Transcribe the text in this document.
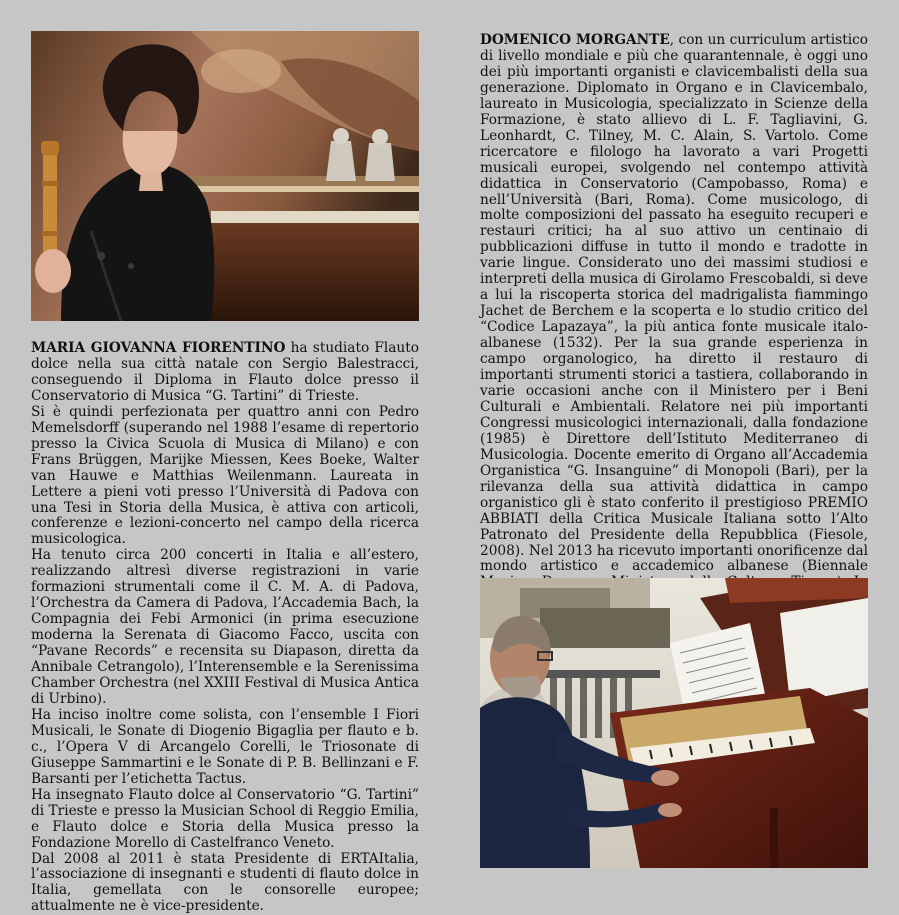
MARIA GIOVANNA FIORENTINO ha studiato Flauto dolce nella sua città natale con Sergio Balestracci, conseguendo il Diploma in Flauto dolce presso il Conservatorio di Musica “G. Tartini” di Trieste.

Si è quindi perfezionata per quattro anni con Pedro Memelsdorff (superando nel 1988 l’esame di repertorio presso la Civica Scuola di Musica di Milano) e con Frans Brüggen, Marijke Miessen, Kees Boeke, Walter van Hauwe e Matthias Weilenmann. Laureata in Lettere a pieni voti presso l’Università di Padova con una Tesi in Storia della Musica, è attiva con articoli, conferenze e lezioni-concerto nel campo della ricerca musicologica.

Ha tenuto circa 200 concerti in Italia e all’estero, realizzando altresì diverse registrazioni in varie formazioni strumentali come il C. M. A. di Padova, l’Orchestra da Camera di Padova, l’Accademia Bach, la Compagnia dei Febi Armonici (in prima esecuzione moderna la Serenata di Giacomo Facco, uscita con “Pavane Records” e recensita su Diapason, diretta da Annibale Cetrangolo), l’Interensemble e la Serenissima Chamber Orchestra (nel XXIII Festival di Musica Antica di Urbino).

Ha inciso inoltre come solista, con l’ensemble I Fiori Musicali, le Sonate di Diogenio Bigaglia per flauto e b. c., l’Opera V di Arcangelo Corelli, le Triosonate di Giuseppe Sammartini e le Sonate di P. B. Bellinzani e F. Barsanti per l’etichetta Tactus.

Ha insegnato Flauto dolce al Conservatorio “G. Tartini” di Trieste e presso la Musician School di Reggio Emilia, e Flauto dolce e Storia della Musica presso la Fondazione Morello di Castelfranco Veneto.

Dal 2008 al 2011 è stata Presidente di ERTAItalia, l’associazione di insegnanti e studenti di flauto dolce in Italia, gemellata con le consorelle europee; attualmente ne è vice-presidente.

DOMENICO MORGANTE, con un curriculum artistico di livello mondiale e più che quarantennale, è oggi uno dei più importanti organisti e clavicembalisti della sua generazione. Diplomato in Organo e in Clavicembalo, laureato in Musicologia, specializzato in Scienze della Formazione, è stato allievo di L. F. Tagliavini, G. Leonhardt, C. Tilney, M. C. Alain, S. Vartolo. Come ricercatore e filologo ha lavorato a vari Progetti musicali europei, svolgendo nel contempo attività didattica in Conservatorio (Campobasso, Roma) e nell’Università (Bari, Roma). Come musicologo, di molte composizioni del passato ha eseguito recuperi e restauri critici; ha al suo attivo un centinaio di pubblicazioni diffuse in tutto il mondo e tradotte in varie lingue. Considerato uno dei massimi studiosi e interpreti della musica di Girolamo Frescobaldi, si deve a lui la riscoperta storica del madrigalista fiammingo Jachet de Berchem e la scoperta e lo studio critico del “Codice Lapazaya”, la più antica fonte musicale italo-albanese (1532). Per la sua grande esperienza in campo organologico, ha diretto il restauro di importanti strumenti storici a tastiera, collaborando in varie occasioni anche con il Ministero per i Beni Culturali e Ambientali. Relatore nei più importanti Congressi musicologici internazionali, dalla fondazione (1985) è Direttore dell’Istituto Mediterraneo di Musicologia. Docente emerito di Organo all’Accademia Organistica “G. Insanguine” di Monopoli (Bari), per la rilevanza della sua attività didattica in campo organistico gli è stato conferito il prestigioso PREMIO ABBIATI della Critica Musicale Italiana sotto l’Alto Patronato del Presidente della Repubblica (Fiesole, 2008). Nel 2013 ha ricevuto importanti onorificenze dal mondo artistico e accademico albanese (Biennale
